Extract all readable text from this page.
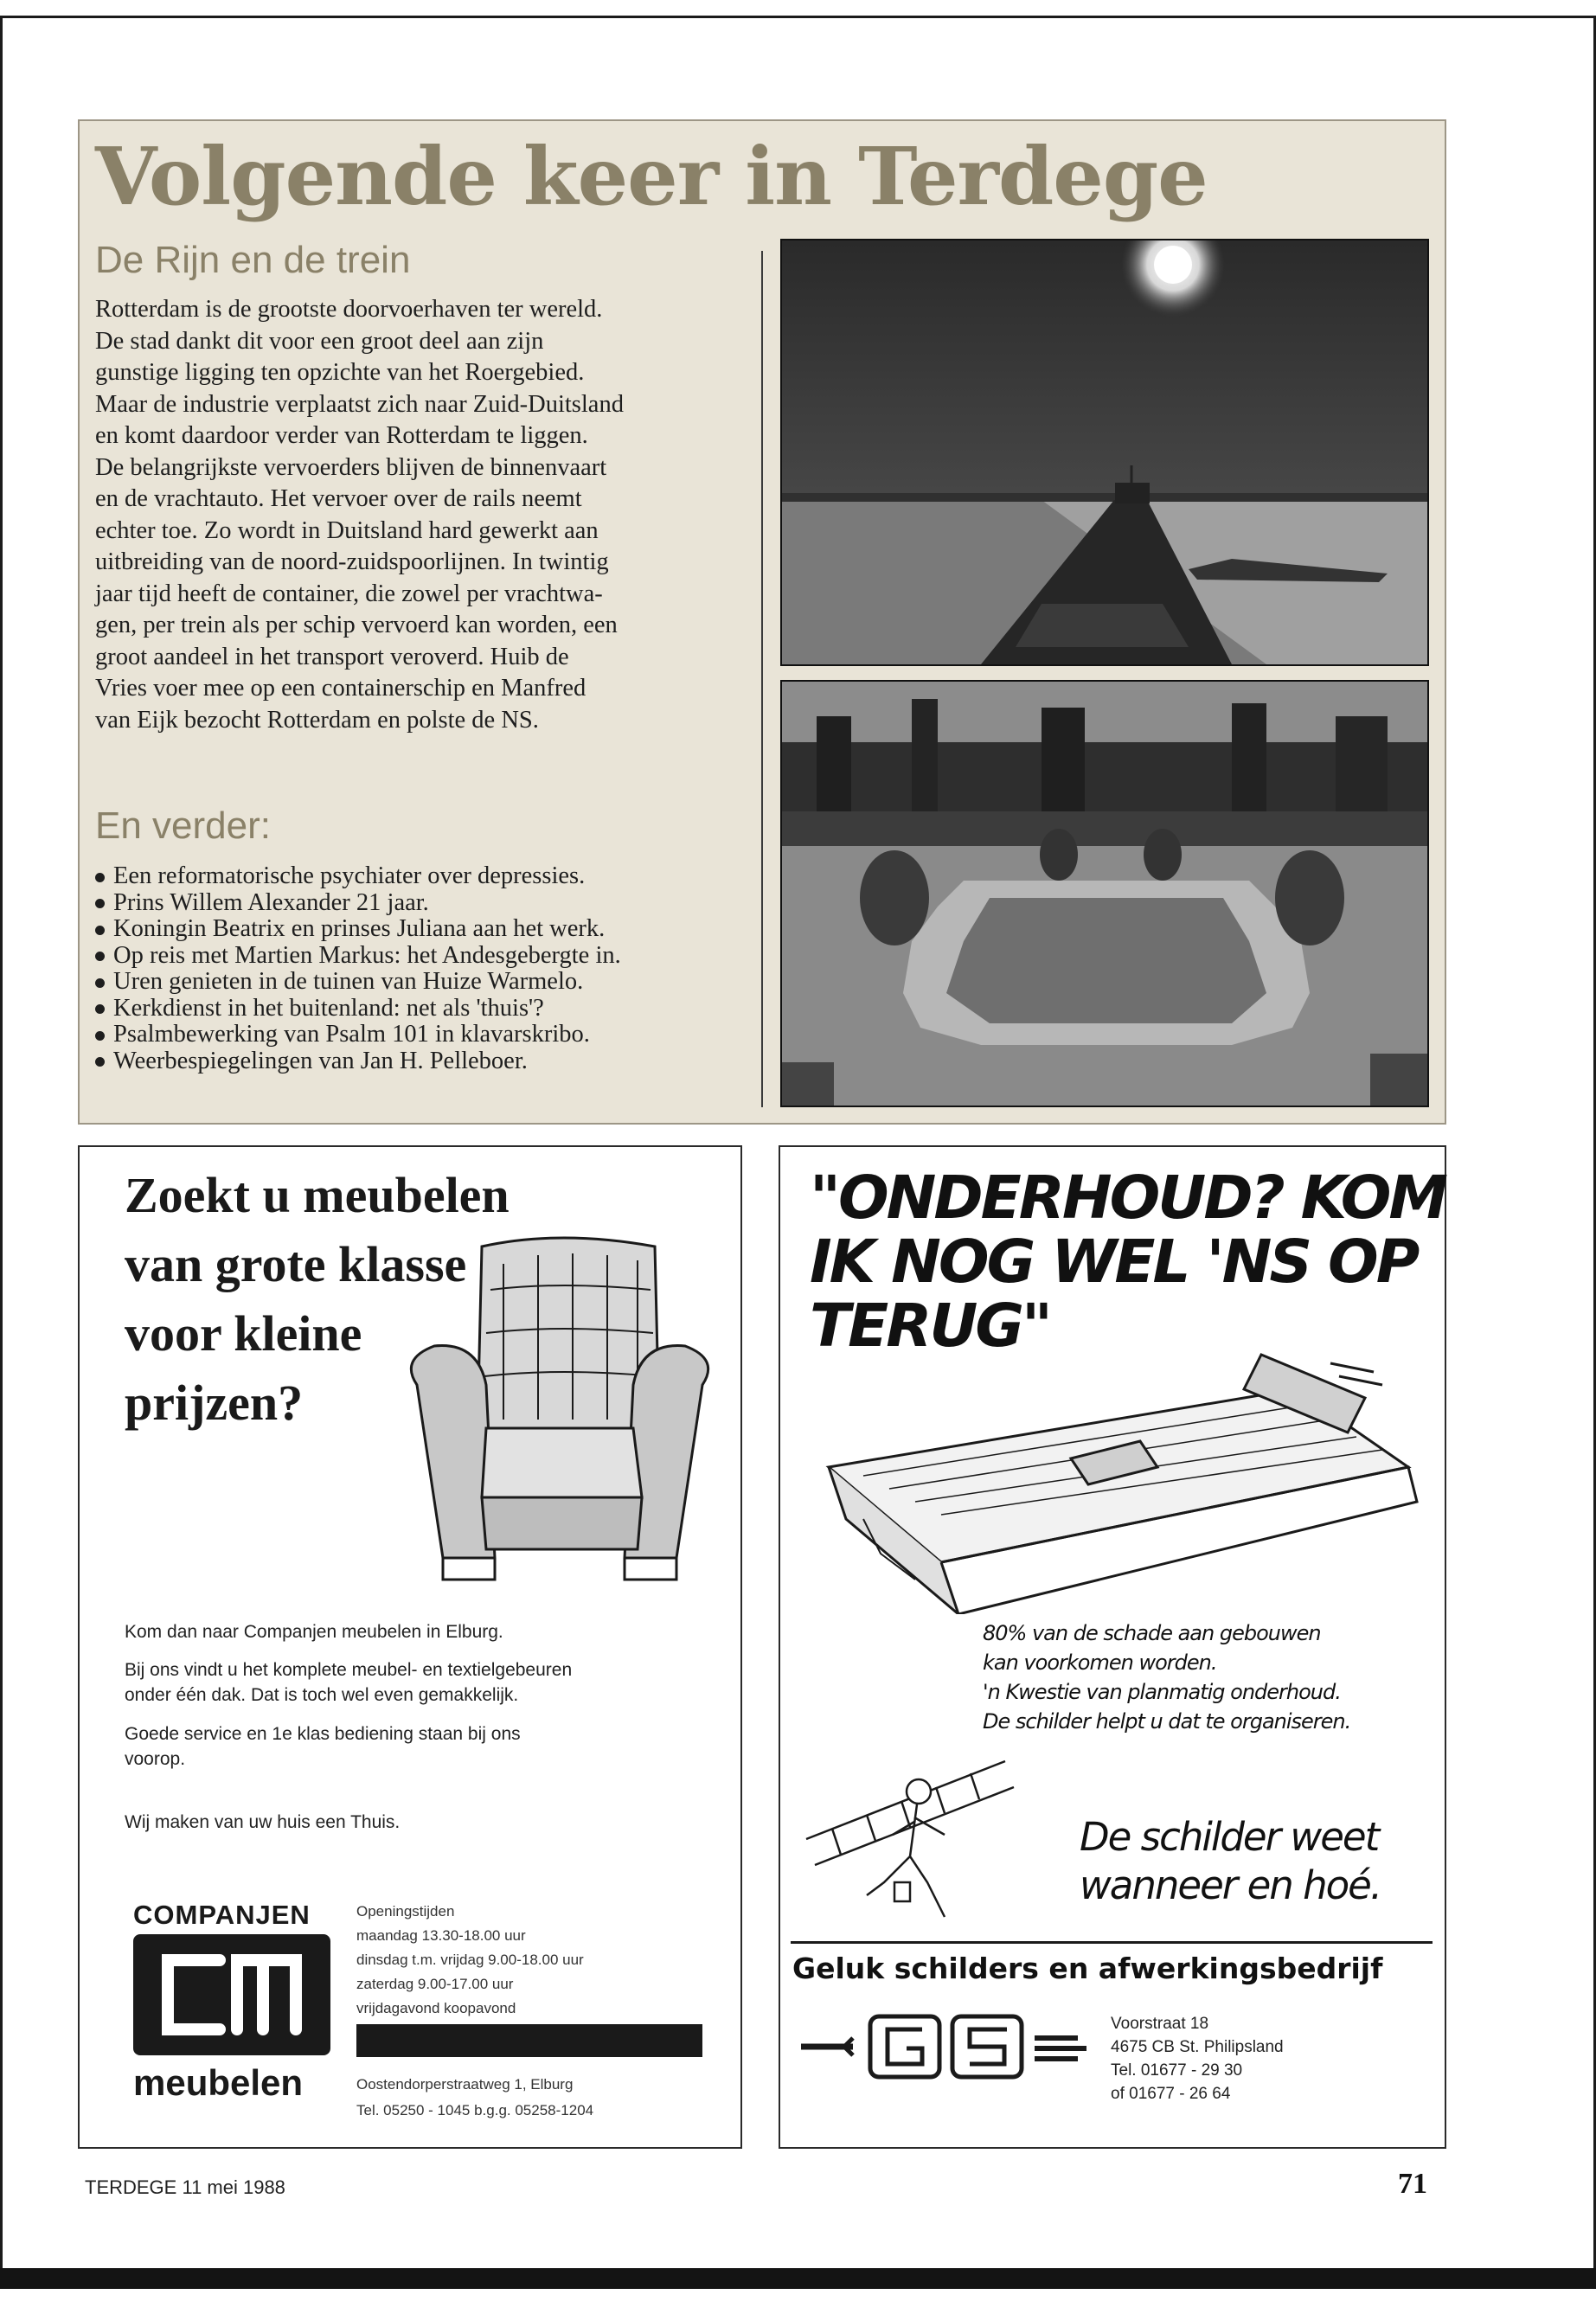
Volgende keer in Terdege
De Rijn en de trein

Rotterdam is de grootste doorvoerhaven ter wereld.
De stad dankt dit voor een groot deel aan zijn
gunstige ligging ten opzichte van het Roergebied.
Maar de industrie verplaatst zich naar Zuid-Duitsland
en komt daardoor verder van Rotterdam te liggen.
De belangrijkste vervoerders blijven de binnenvaart
en de vrachtauto. Het vervoer over de rails neemt
echter toe. Zo wordt in Duitsland hard gewerkt aan
uitbreiding van de noord-zuidspoorlijnen. In twintig
jaar tijd heeft de container, die zowel per vrachtwa-
gen, per trein als per schip vervoerd kan worden, een
groot aandeel in het transport veroverd. Huib de
Vries voer mee op een containerschip en Manfred
van Eijk bezocht Rotterdam en polste de NS.

En verder:
Een reformatorische psychiater over depressies.
Prins Willem Alexander 21 jaar.
Koningin Beatrix en prinses Juliana aan het werk.
Op reis met Martien Markus: het Andesgebergte in.
Uren genieten in de tuinen van Huize Warmelo.
Kerkdienst in het buitenland: net als 'thuis'?
Psalmbewerking van Psalm 101 in klavarskribo.
Weerbespiegelingen van Jan H. Pelleboer.
Zoekt u meubelen
van grote klasse
voor kleine
prijzen?

Kom dan naar Companjen meubelen in Elburg.

Bij ons vindt u het komplete meubel- en textielgebeuren
onder één dak. Dat is toch wel even gemakkelijk.

Goede service en 1e klas bediening staan bij ons
voorop.

Wij maken van uw huis een Thuis.

COMPANJEN
meubelen
Openingstijden
maandag 13.30-18.00 uur
dinsdag t.m. vrijdag 9.00-18.00 uur
zaterdag 9.00-17.00 uur
vrijdagavond koopavond
Oostendorperstraatweg 1, Elburg
Tel. 05250 - 1045 b.g.g. 05258-1204
"ONDERHOUD? KOM
IK NOG WEL 'NS OP
TERUG"

80% van de schade aan gebouwen
kan voorkomen worden.
'n Kwestie van planmatig onderhoud.
De schilder helpt u dat te organiseren.

De schilder weet
wanneer en hoé.

Geluk schilders en afwerkingsbedrijf
Voorstraat 18
4675 CB St. Philipsland
Tel. 01677 - 29 30
of 01677 - 26 64
TERDEGE 11 mei 1988	71
